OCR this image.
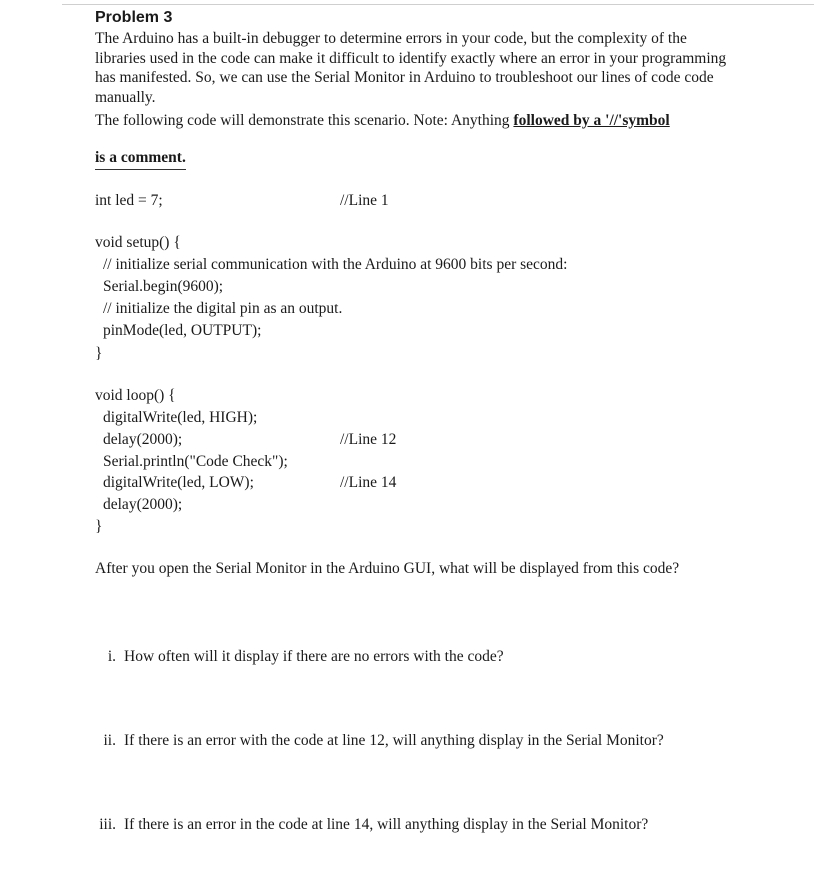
Problem 3
The Arduino has a built-in debugger to determine errors in your code, but the complexity of the libraries used in the code can make it difficult to identify exactly where an error in your programming has manifested. So, we can use the Serial Monitor in Arduino to troubleshoot our lines of code code manually.
The following code will demonstrate this scenario. Note: Anything followed by a '//'symbol
is a comment.
int led = 7;	//Line 1
void setup() {
// initialize serial communication with the Arduino at 9600 bits per second:
Serial.begin(9600);
// initialize the digital pin as an output.
pinMode(led, OUTPUT);
}
void loop() {
digitalWrite(led, HIGH);
delay(2000);	//Line 12
Serial.println("Code Check");
digitalWrite(led, LOW);	//Line 14
delay(2000);
}
After you open the Serial Monitor in the Arduino GUI, what will be displayed from this code?
i. How often will it display if there are no errors with the code?
ii. If there is an error with the code at line 12, will anything display in the Serial Monitor?
iii. If there is an error in the code at line 14, will anything display in the Serial Monitor?
